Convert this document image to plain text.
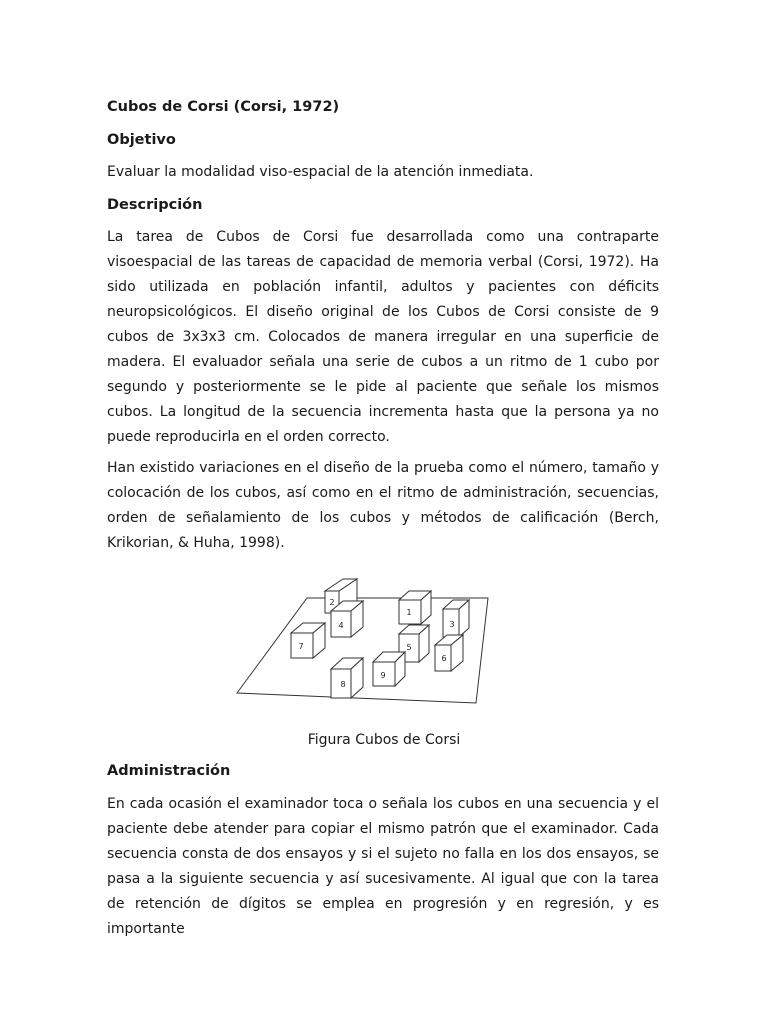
Cubos de Corsi (Corsi, 1972)
Objetivo

Evaluar la modalidad viso-espacial de la atención inmediata.

Descripción

La tarea de Cubos de Corsi fue desarrollada como una contraparte visoespacial de las tareas de capacidad de memoria verbal (Corsi, 1972). Ha sido utilizada en población infantil, adultos y pacientes con déficits neuropsicológicos. El diseño original de los Cubos de Corsi consiste de 9 cubos de 3x3x3 cm. Colocados de manera irregular en una superficie de madera. El evaluador señala una serie de cubos a un ritmo de 1 cubo por segundo y posteriormente se le pide al paciente que señale los mismos cubos. La longitud de la secuencia incrementa hasta que la persona ya no puede reproducirla en el orden correcto.

Han existido variaciones en el diseño de la prueba como el número, tamaño y colocación de los cubos, así como en el ritmo de administración, secuencias, orden de señalamiento de los cubos y métodos de calificación (Berch, Krikorian, & Huha, 1998).

2
4
7
1
3
5
6
9
8
Figura Cubos de Corsi
Administración

En cada ocasión el examinador toca o señala los cubos en una secuencia y el paciente debe atender para copiar el mismo patrón que el examinador. Cada secuencia consta de dos ensayos y si el sujeto no falla en los dos ensayos, se pasa a la siguiente secuencia y así sucesivamente. Al igual que con la tarea de retención de dígitos se emplea en progresión y en regresión, y es importante
